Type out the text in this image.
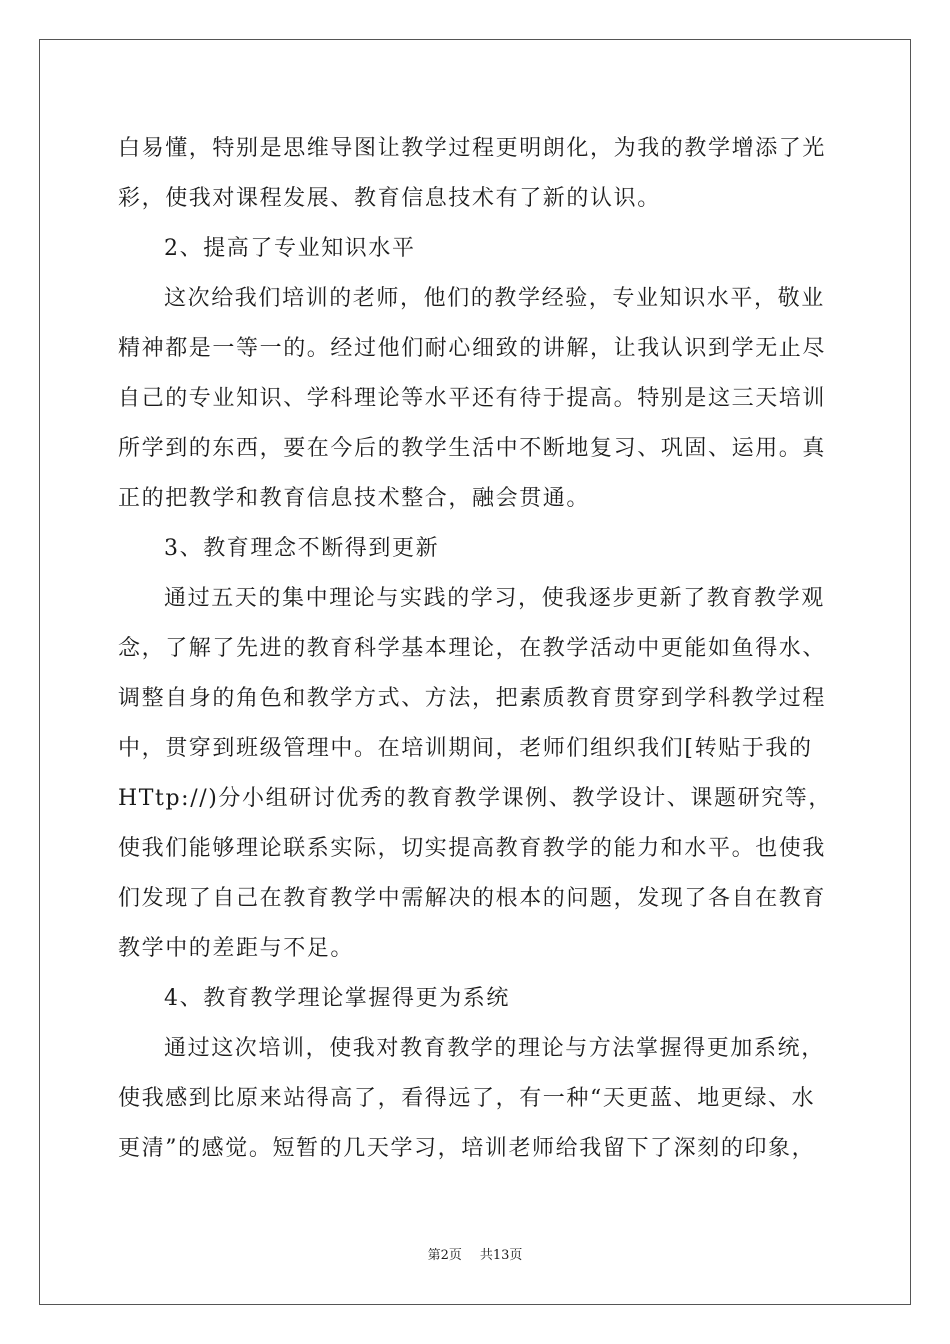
白易懂，特别是思维导图让教学过程更明朗化，为我的教学增添了光
彩，使我对课程发展、教育信息技术有了新的认识。
2、提高了专业知识水平
这次给我们培训的老师，他们的教学经验，专业知识水平，敬业
精神都是一等一的。经过他们耐心细致的讲解，让我认识到学无止尽
自己的专业知识、学科理论等水平还有待于提高。特别是这三天培训
所学到的东西，要在今后的教学生活中不断地复习、巩固、运用。真
正的把教学和教育信息技术整合，融会贯通。
3、教育理念不断得到更新
通过五天的集中理论与实践的学习，使我逐步更新了教育教学观
念，了解了先进的教育科学基本理论，在教学活动中更能如鱼得水、
调整自身的角色和教学方式、方法，把素质教育贯穿到学科教学过程
中，贯穿到班级管理中。在培训期间，老师们组织我们[转贴于我的
HTtp://)分小组研讨优秀的教育教学课例、教学设计、课题研究等，
使我们能够理论联系实际，切实提高教育教学的能力和水平。也使我
们发现了自己在教育教学中需解决的根本的问题，发现了各自在教育
教学中的差距与不足。
4、教育教学理论掌握得更为系统
通过这次培训，使我对教育教学的理论与方法掌握得更加系统，
使我感到比原来站得高了，看得远了，有一种“天更蓝、地更绿、水
更清”的感觉。短暂的几天学习，培训老师给我留下了深刻的印象，
第2页 共13页
